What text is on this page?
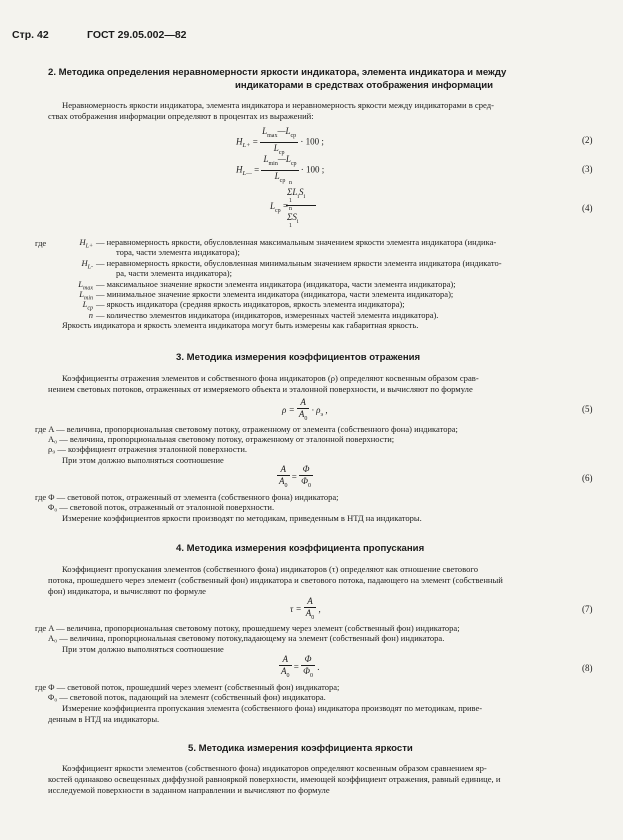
Стр. 42	ГОСТ 29.05.002—82
2. Методика определения неравномерности яркости индикатора, элемента индикатора и между
индикаторами в средствах отображения информации
Неравномерность яркости индикатора, элемента индикатора и неравномерность яркости между индикаторами в сред-
ствах отображения информации определяют в процентах из выражений:
$H_{L+} = \frac{L_{max}—L_{ср}}{L_{ср}} \cdot 100$ ;	(2)
$H_{L—} = \frac{L_{min}—L_{ср}}{L_{ср}} \cdot 100$ ;	(3)
$L_{ср}$ =
n
$\Sigma L_iS_i$
1
n
$\Sigma S_i$
1
(4)
где	$H_{L+}$ — неравномерность яркости, обусловленная максимальным значением яркости элемента индикатора (индика-
тора, части элемента индикатора);
$H_{L-}$ — неравномерность яркости, обусловленная минимальным значением яркости элемента индикатора (индикато-
ра, части элемента индикатора);
$L_{max}$ — максимальное значение яркости элемента индикатора (индикатора, части элемента индикатора);
$L_{min}$ — минимальное значение яркости элемента индикатора (индикатора, части элемента индикатора);
$L_{ср}$ — яркость индикатора (средняя яркость индикаторов, яркость элемента индикатора);
n — количество элементов индикатора (индикаторов, измеренных частей элемента индикатора).
Яркость индикатора и яркость элемента индикатора могут быть измерены как габаритная яркость.
3. Методика измерения коэффициентов отражения
Коэффициенты отражения элементов и собственного фона индикаторов (ρ) определяют косвенным образом срав-
нением световых потоков, отраженных от измеряемого объекта и эталонной поверхности, и вычисляют по формуле
$\rho = \frac{A}{A_0} \cdot \rho_э$ ,	(5)
где A — величина, пропорциональная световому потоку, отраженному от элемента (собственного фона) индикатора;
A₀ — величина, пропорциональная световому потоку, отраженному от эталонной поверхности;
ρ₉ — коэффициент отражения эталонной поверхности.
При этом должно выполняться соотношение
$\frac{A}{A_0} = \frac{\Phi}{\Phi_0}$	(6)
где Φ — световой поток, отраженный от элемента (собственного фона) индикатора;
Φ₀ — световой поток, отраженный от эталонной поверхности.
Измерение коэффициентов яркости производят по методикам, приведенным в НТД на индикаторы.
4. Методика измерения коэффициента пропускания
Коэффициент пропускания элементов (собственного фона) индикаторов (τ) определяют как отношение светового
потока, прошедшего через элемент (собственный фон) индикатора и светового потока, падающего на элемент (собственный
фон) индикатора, и вычисляют по формуле
$\tau = \frac{A}{A_0}$ ,	(7)
где A — величина, пропорциональная световому потоку, прошедшему через элемент (собственный фон) индикатора;
A₀ — величина, пропорциональная световому потоку,падающему на элемент (собственный фон) индикатора.
При этом должно выполняться соотношение
$\frac{A}{A_0} = \frac{\Phi}{\Phi_0}$ .	(8)
где Φ — световой поток, прошедший через элемент (собственный фон) индикатора;
Φ₀ — световой поток, падающий на элемент (собственный фон) индикатора.
Измерение коэффициента пропускания элемента (собственного фона) индикатора производят по методикам, приве-
денным в НТД на индикаторы.
5. Методика измерения коэффициента яркости
Коэффициент яркости элементов (собственного фона) индикаторов определяют косвенным образом сравнением яр-
костей одинаково освещенных диффузной равнояркой поверхности, имеющей коэффициент отражения, равный единице, и
исследуемой поверхности в заданном направлении и вычисляют по формуле
